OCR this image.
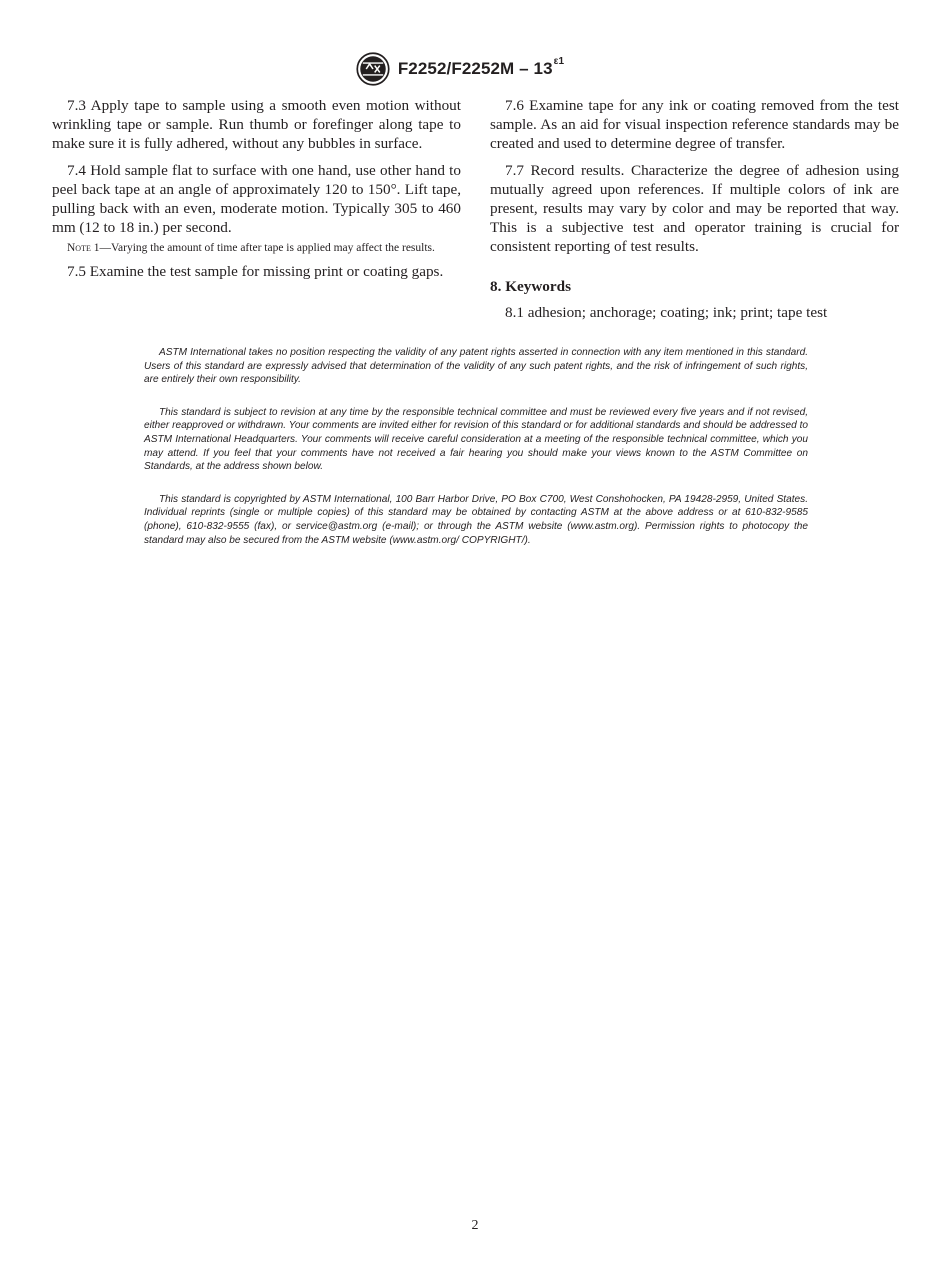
$F2252/F2252M - 13^{\varepsilon 1}$

7.3 Apply tape to sample using a smooth even motion without wrinkling tape or sample. Run thumb or forefinger along tape to make sure it is fully adhered, without any bubbles in surface.

7.4 Hold sample flat to surface with one hand, use other hand to peel back tape at an angle of approximately 120 to 150°. Lift tape, pulling back with an even, moderate motion. Typically 305 to 460 mm (12 to 18 in.) per second.

Note 1—Varying the amount of time after tape is applied may affect the results.

7.5 Examine the test sample for missing print or coating gaps.

7.6 Examine tape for any ink or coating removed from the test sample. As an aid for visual inspection reference standards may be created and used to determine degree of transfer.

7.7 Record results. Characterize the degree of adhesion using mutually agreed upon references. If multiple colors of ink are present, results may vary by color and may be reported that way. This is a subjective test and operator training is crucial for consistent reporting of test results.

8. Keywords

8.1 adhesion; anchorage; coating; ink; print; tape test

ASTM International takes no position respecting the validity of any patent rights asserted in connection with any item mentioned in this standard. Users of this standard are expressly advised that determination of the validity of any such patent rights, and the risk of infringement of such rights, are entirely their own responsibility.

This standard is subject to revision at any time by the responsible technical committee and must be reviewed every five years and if not revised, either reapproved or withdrawn. Your comments are invited either for revision of this standard or for additional standards and should be addressed to ASTM International Headquarters. Your comments will receive careful consideration at a meeting of the responsible technical committee, which you may attend. If you feel that your comments have not received a fair hearing you should make your views known to the ASTM Committee on Standards, at the address shown below.

This standard is copyrighted by ASTM International, 100 Barr Harbor Drive, PO Box C700, West Conshohocken, PA 19428-2959, United States. Individual reprints (single or multiple copies) of this standard may be obtained by contacting ASTM at the above address or at 610-832-9585 (phone), 610-832-9555 (fax), or service@astm.org (e-mail); or through the ASTM website (www.astm.org). Permission rights to photocopy the standard may also be secured from the ASTM website (www.astm.org/ COPYRIGHT/).

2
